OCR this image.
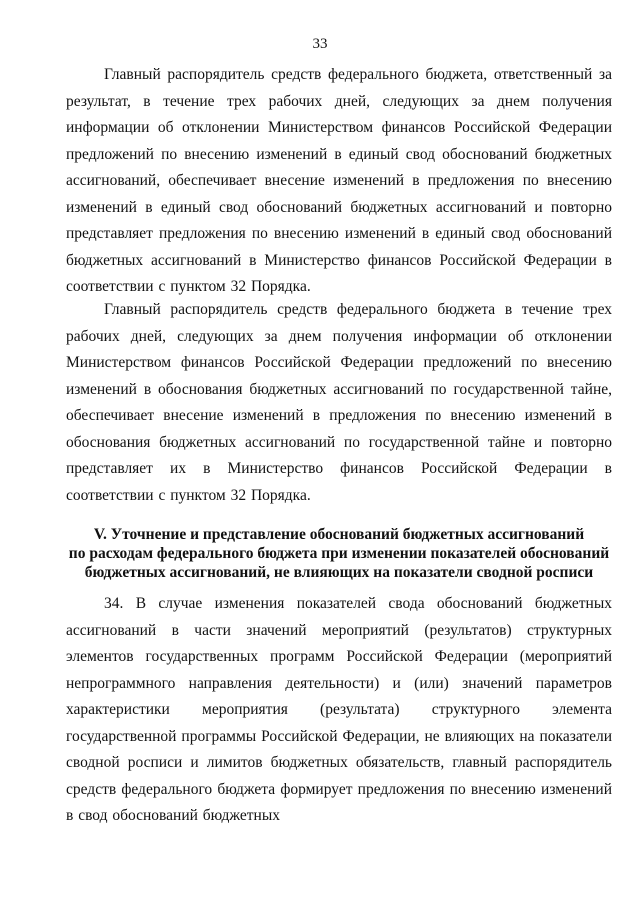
33

Главный распорядитель средств федерального бюджета, ответственный за результат, в течение трех рабочих дней, следующих за днем получения информации об отклонении Министерством финансов Российской Федерации предложений по внесению изменений в единый свод обоснований бюджетных ассигнований, обеспечивает внесение изменений в предложения по внесению изменений в единый свод обоснований бюджетных ассигнований и повторно представляет предложения по внесению изменений в единый свод обоснований бюджетных ассигнований в Министерство финансов Российской Федерации в соответствии с пунктом 32 Порядка.

Главный распорядитель средств федерального бюджета в течение трех рабочих дней, следующих за днем получения информации об отклонении Министерством финансов Российской Федерации предложений по внесению изменений в обоснования бюджетных ассигнований по государственной тайне, обеспечивает внесение изменений в предложения по внесению изменений в обоснования бюджетных ассигнований по государственной тайне и повторно представляет их в Министерство финансов Российской Федерации в соответствии с пунктом 32 Порядка.

V. Уточнение и представление обоснований бюджетных ассигнований
по расходам федерального бюджета при изменении показателей обоснований
бюджетных ассигнований, не влияющих на показатели сводной росписи

34. В случае изменения показателей свода обоснований бюджетных ассигнований в части значений мероприятий (результатов) структурных элементов государственных программ Российской Федерации (мероприятий непрограммного направления деятельности) и (или) значений параметров характеристики мероприятия (результата) структурного элемента государственной программы Российской Федерации, не влияющих на показатели сводной росписи и лимитов бюджетных обязательств, главный распорядитель средств федерального бюджета формирует предложения по внесению изменений в свод обоснований бюджетных
